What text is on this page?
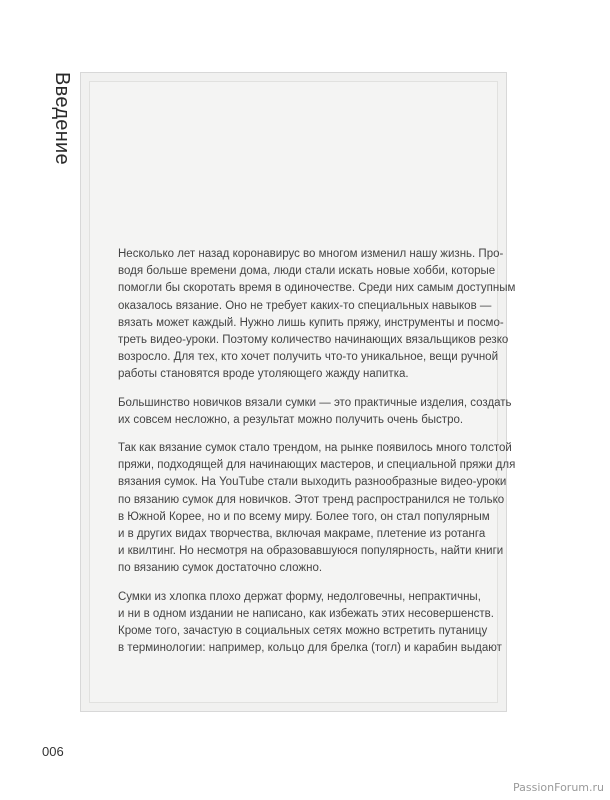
Введение

Несколько лет назад коронавирус во многом изменил нашу жизнь. Про-
водя больше времени дома, люди стали искать новые хобби, которые
помогли бы скоротать время в одиночестве. Среди них самым доступным
оказалось вязание. Оно не требует каких-то специальных навыков —
вязать может каждый. Нужно лишь купить пряжу, инструменты и посмо-
треть видео-уроки. Поэтому количество начинающих вязальщиков резко
возросло. Для тех, кто хочет получить что-то уникальное, вещи ручной
работы становятся вроде утоляющего жажду напитка.

Большинство новичков вязали сумки — это практичные изделия, создать
их совсем несложно, а результат можно получить очень быстро.

Так как вязание сумок стало трендом, на рынке появилось много толстой
пряжи, подходящей для начинающих мастеров, и специальной пряжи для
вязания сумок. На YouTube стали выходить разнообразные видео-уроки
по вязанию сумок для новичков. Этот тренд распространился не только
в Южной Корее, но и по всему миру. Более того, он стал популярным
и в других видах творчества, включая макраме, плетение из ротанга
и квилтинг. Но несмотря на образовавшуюся популярность, найти книги
по вязанию сумок достаточно сложно.

Сумки из хлопка плохо держат форму, недолговечны, непрактичны,
и ни в одном издании не написано, как избежать этих несовершенств.
Кроме того, зачастую в социальных сетях можно встретить путаницу
в терминологии: например, кольцо для брелка (тогл) и карабин выдают

006
PassionForum.ru
